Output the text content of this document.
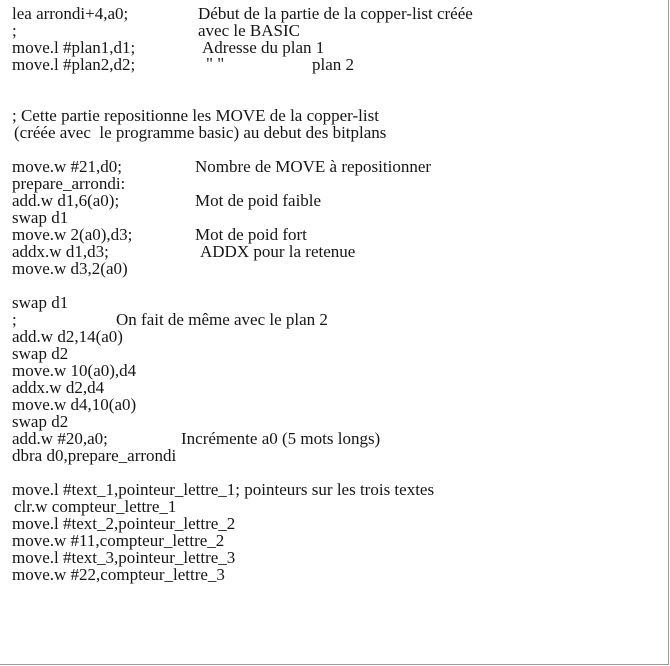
lea arrondi+4,a0;	Début de la partie de la copper-list créée
;	avec le BASIC
move.l #plan1,d1;	Adresse du plan 1
move.l #plan2,d2;	" "	plan 2
; Cette partie repositionne les MOVE de la copper-list
(créée avec  le programme basic) au debut des bitplans
move.w #21,d0;	Nombre de MOVE à repositionner
prepare_arrondi:
add.w d1,6(a0);	Mot de poid faible
swap d1
move.w 2(a0),d3;	Mot de poid fort
addx.w d1,d3;	ADDX pour la retenue
move.w d3,2(a0)
swap d1
;	On fait de même avec le plan 2
add.w d2,14(a0)
swap d2
move.w 10(a0),d4
addx.w d2,d4
move.w d4,10(a0)
swap d2
add.w #20,a0;	Incrémente a0 (5 mots longs)
dbra d0,prepare_arrondi
move.l #text_1,pointeur_lettre_1; pointeurs sur les trois textes
clr.w compteur_lettre_1
move.l #text_2,pointeur_lettre_2
move.w #11,compteur_lettre_2
move.l #text_3,pointeur_lettre_3
move.w #22,compteur_lettre_3
